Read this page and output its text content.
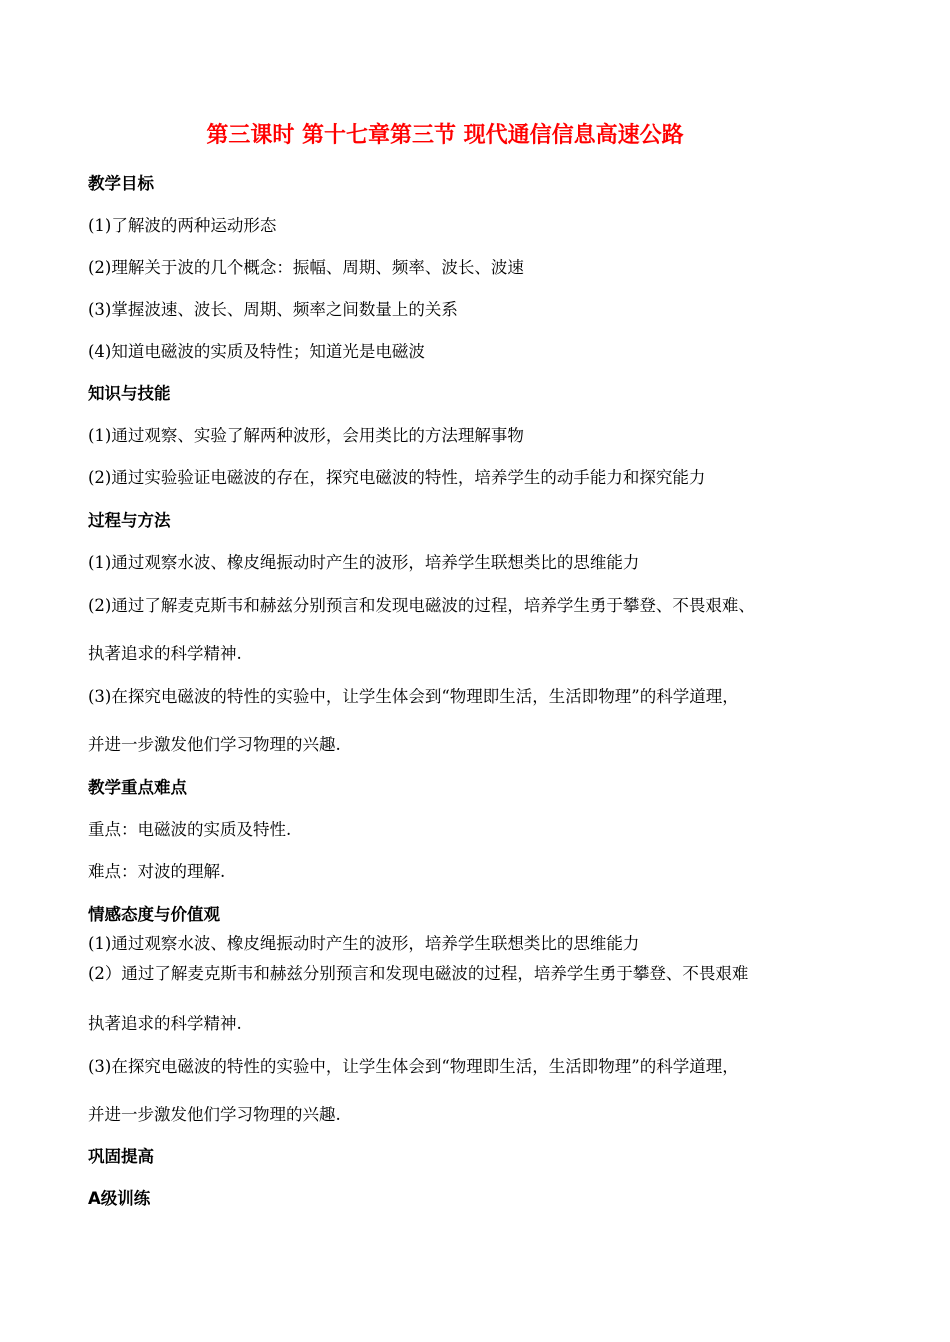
第三课时 第十七章第三节 现代通信信息高速公路
教学目标
(1)了解波的两种运动形态
(2)理解关于波的几个概念：振幅、周期、频率、波长、波速
(3)掌握波速、波长、周期、频率之间数量上的关系
(4)知道电磁波的实质及特性；知道光是电磁波
知识与技能
(1)通过观察、实验了解两种波形，会用类比的方法理解事物
(2)通过实验验证电磁波的存在，探究电磁波的特性，培养学生的动手能力和探究能力
过程与方法
(1)通过观察水波、橡皮绳振动时产生的波形，培养学生联想类比的思维能力
(2)通过了解麦克斯韦和赫兹分别预言和发现电磁波的过程，培养学生勇于攀登、不畏艰难、
执著追求的科学精神.
(3)在探究电磁波的特性的实验中，让学生体会到“物理即生活，生活即物理”的科学道理，
并进一步激发他们学习物理的兴趣.
教学重点难点
重点：电磁波的实质及特性.
难点：对波的理解.
情感态度与价值观
(1)通过观察水波、橡皮绳振动时产生的波形，培养学生联想类比的思维能力
(2）通过了解麦克斯韦和赫兹分别预言和发现电磁波的过程，培养学生勇于攀登、不畏艰难
执著追求的科学精神.
(3)在探究电磁波的特性的实验中，让学生体会到“物理即生活，生活即物理”的科学道理，
并进一步激发他们学习物理的兴趣.
巩固提高
A级训练
